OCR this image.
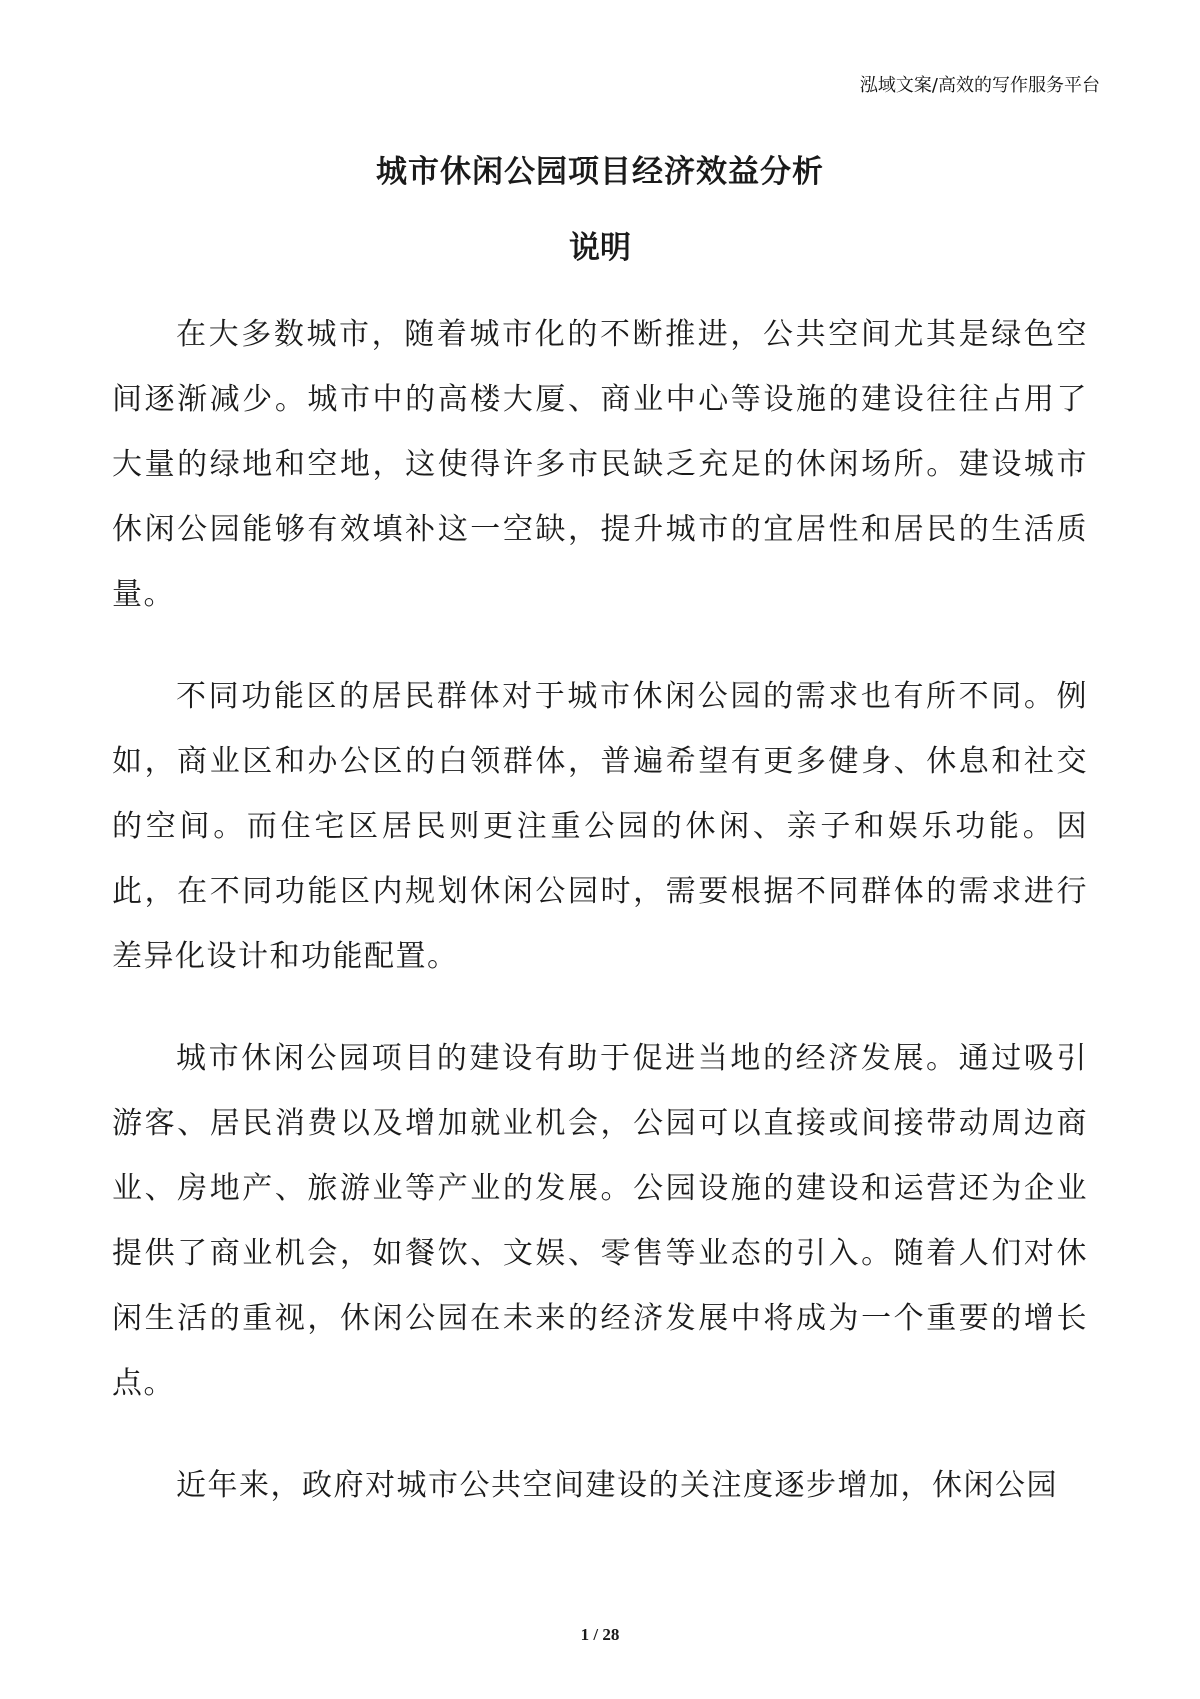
泓域文案/高效的写作服务平台
城市休闲公园项目经济效益分析
说明

在大多数城市，随着城市化的不断推进，公共空间尤其是绿色空间逐渐减少。城市中的高楼大厦、商业中心等设施的建设往往占用了大量的绿地和空地，这使得许多市民缺乏充足的休闲场所。建设城市休闲公园能够有效填补这一空缺，提升城市的宜居性和居民的生活质量。

不同功能区的居民群体对于城市休闲公园的需求也有所不同。例如，商业区和办公区的白领群体，普遍希望有更多健身、休息和社交的空间。而住宅区居民则更注重公园的休闲、亲子和娱乐功能。因此，在不同功能区内规划休闲公园时，需要根据不同群体的需求进行差异化设计和功能配置。

城市休闲公园项目的建设有助于促进当地的经济发展。通过吸引游客、居民消费以及增加就业机会，公园可以直接或间接带动周边商业、房地产、旅游业等产业的发展。公园设施的建设和运营还为企业提供了商业机会，如餐饮、文娱、零售等业态的引入。随着人们对休闲生活的重视，休闲公园在未来的经济发展中将成为一个重要的增长点。

近年来，政府对城市公共空间建设的关注度逐步增加，休闲公园

1 / 28
